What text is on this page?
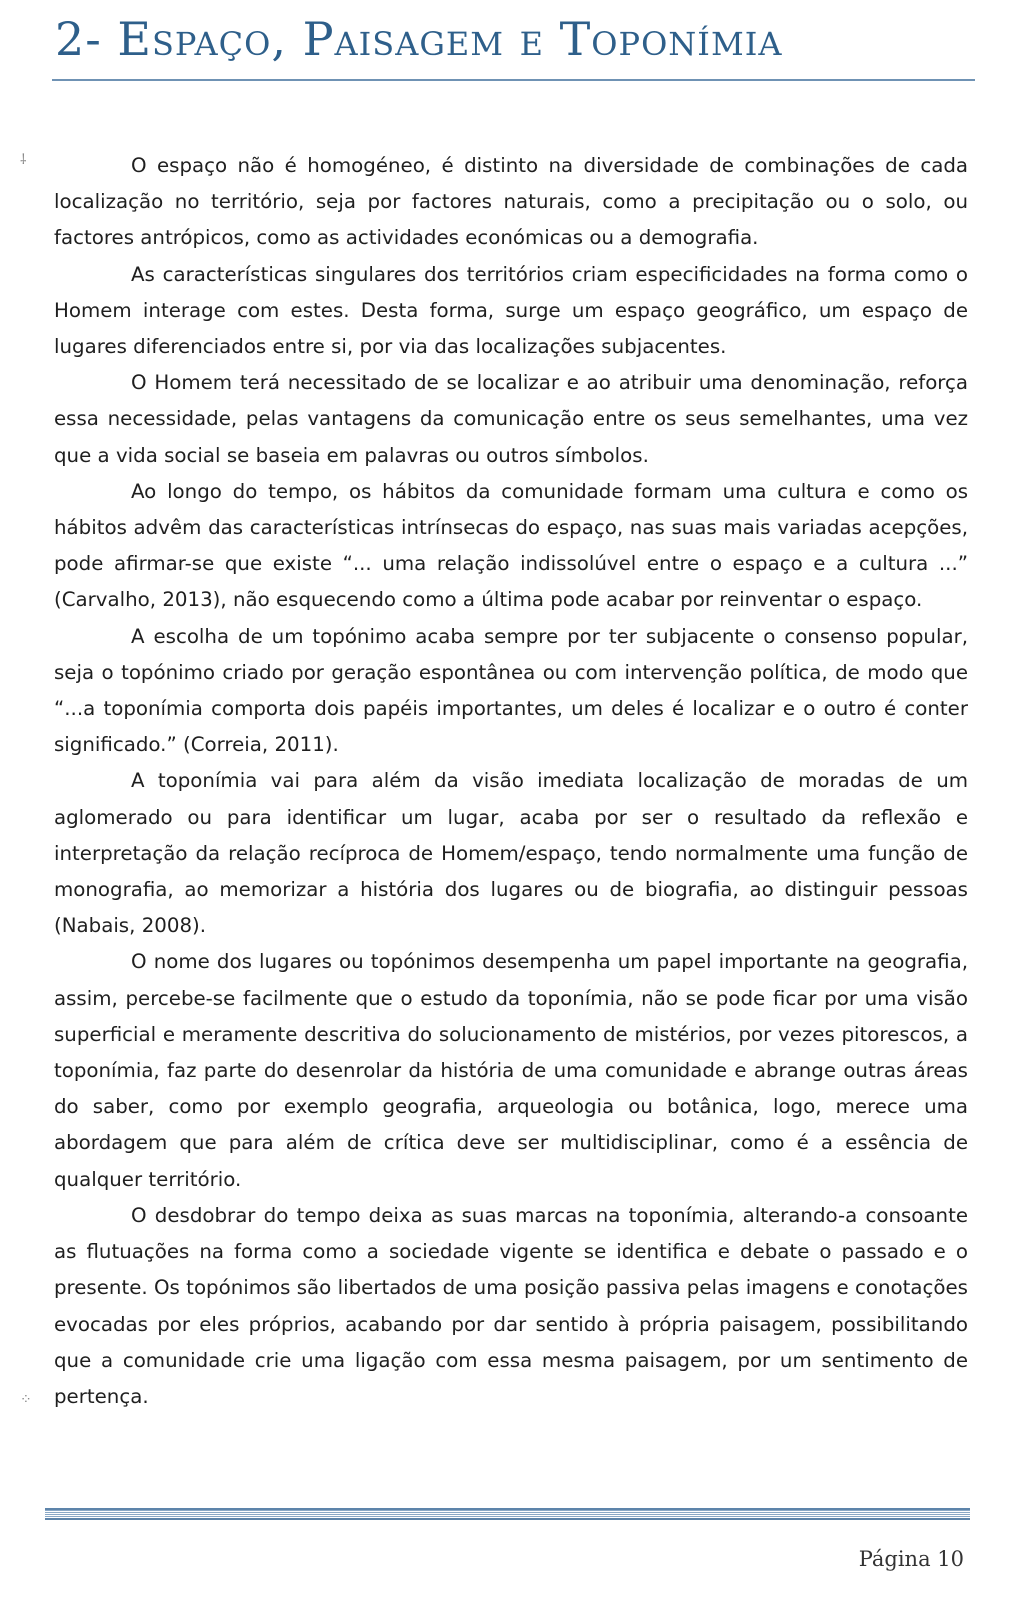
2- Espaço, Paisagem e Toponímia

O espaço não é homogéneo, é distinto na diversidade de combinações de cada localização no território, seja por factores naturais, como a precipitação ou o solo, ou factores antrópicos, como as actividades económicas ou a demografia.

As características singulares dos territórios criam especificidades na forma como o Homem interage com estes. Desta forma, surge um espaço geográfico, um espaço de lugares diferenciados entre si, por via das localizações subjacentes.

O Homem terá necessitado de se localizar e ao atribuir uma denominação, reforça essa necessidade, pelas vantagens da comunicação entre os seus semelhantes, uma vez que a vida social se baseia em palavras ou outros símbolos.

Ao longo do tempo, os hábitos da comunidade formam uma cultura e como os hábitos advêm das características intrínsecas do espaço, nas suas mais variadas acepções, pode afirmar-se que existe “... uma relação indissolúvel entre o espaço e a cultura ...” (Carvalho, 2013), não esquecendo como a última pode acabar por reinventar o espaço.

A escolha de um topónimo acaba sempre por ter subjacente o consenso popular, seja o topónimo criado por geração espontânea ou com intervenção política, de modo que “...a toponímia comporta dois papéis importantes, um deles é localizar e o outro é conter significado.” (Correia, 2011).

A toponímia vai para além da visão imediata localização de moradas de um aglomerado ou para identificar um lugar, acaba por ser o resultado da reflexão e interpretação da relação recíproca de Homem/espaço, tendo normalmente uma função de monografia, ao memorizar a história dos lugares ou de biografia, ao distinguir pessoas (Nabais, 2008).

O nome dos lugares ou topónimos desempenha um papel importante na geografia, assim, percebe-se facilmente que o estudo da toponímia, não se pode ficar por uma visão superficial e meramente descritiva do solucionamento de mistérios, por vezes pitorescos, a toponímia, faz parte do desenrolar da história de uma comunidade e abrange outras áreas do saber, como por exemplo geografia, arqueologia ou botânica, logo, merece uma abordagem que para além de crítica deve ser multidisciplinar, como é a essência de qualquer território.

O desdobrar do tempo deixa as suas marcas na toponímia, alterando-a consoante as flutuações na forma como a sociedade vigente se identifica e debate o passado e o presente. Os topónimos são libertados de uma posição passiva pelas imagens e conotações evocadas por eles próprios, acabando por dar sentido à própria paisagem, possibilitando que a comunidade crie uma ligação com essa mesma paisagem, por um sentimento de pertença.

⸸
⁘
Página 10
